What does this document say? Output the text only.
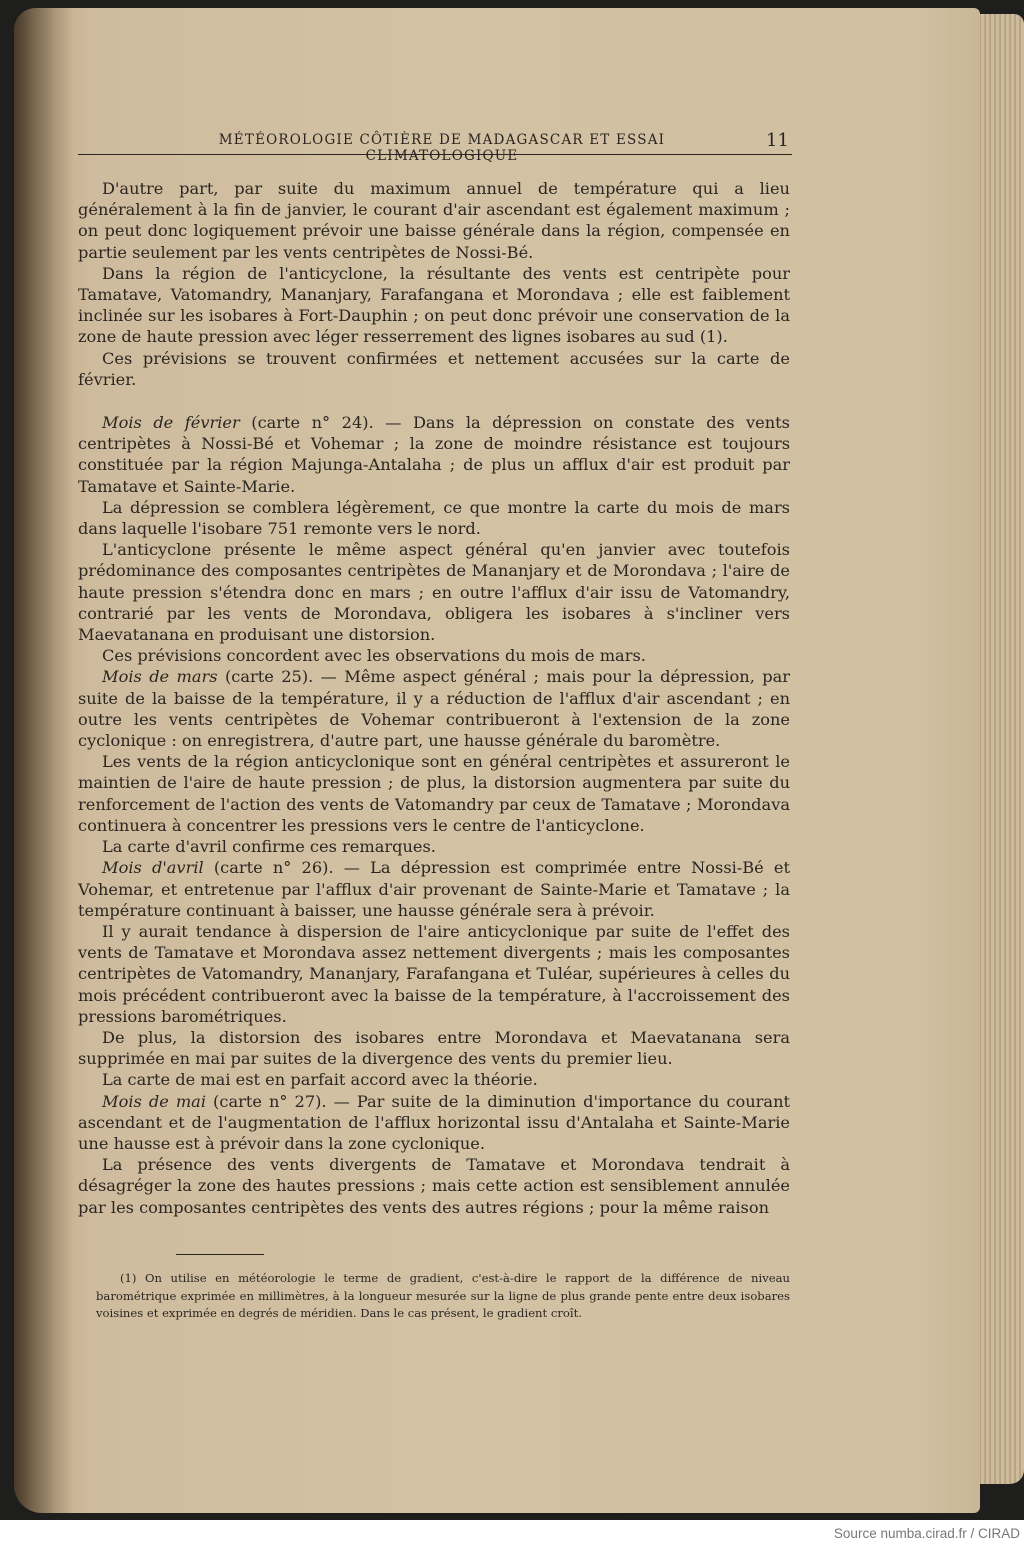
MÉTÉOROLOGIE CÔTIÈRE DE MADAGASCAR ET ESSAI CLIMATOLOGIQUE
11

D'autre part, par suite du maximum annuel de température qui a lieu généralement à la fin de janvier, le courant d'air ascendant est également maximum ; on peut donc logiquement prévoir une baisse générale dans la région, compensée en partie seulement par les vents centripètes de Nossi-Bé.

Dans la région de l'anticyclone, la résultante des vents est centripète pour Tamatave, Vatomandry, Mananjary, Farafangana et Morondava ; elle est faiblement inclinée sur les isobares à Fort-Dauphin ; on peut donc prévoir une conservation de la zone de haute pression avec léger resserrement des lignes isobares au sud (1).

Ces prévisions se trouvent confirmées et nettement accusées sur la carte de février.

Mois de février (carte n° 24). — Dans la dépression on constate des vents centripètes à Nossi-Bé et Vohemar ; la zone de moindre résistance est toujours constituée par la région Majunga-Antalaha ; de plus un afflux d'air est produit par Tamatave et Sainte-Marie.

La dépression se comblera légèrement, ce que montre la carte du mois de mars dans laquelle l'isobare 751 remonte vers le nord.

L'anticyclone présente le même aspect général qu'en janvier avec toutefois prédominance des composantes centripètes de Mananjary et de Morondava ; l'aire de haute pression s'étendra donc en mars ; en outre l'afflux d'air issu de Vatomandry, contrarié par les vents de Morondava, obligera les isobares à s'incliner vers Maevatanana en produisant une distorsion.

Ces prévisions concordent avec les observations du mois de mars.

Mois de mars (carte 25). — Même aspect général ; mais pour la dépression, par suite de la baisse de la température, il y a réduction de l'afflux d'air ascendant ; en outre les vents centripètes de Vohemar contribueront à l'extension de la zone cyclonique : on enregistrera, d'autre part, une hausse générale du baromètre.

Les vents de la région anticyclonique sont en général centripètes et assureront le maintien de l'aire de haute pression ; de plus, la distorsion augmentera par suite du renforcement de l'action des vents de Vatomandry par ceux de Tamatave ; Morondava continuera à concentrer les pressions vers le centre de l'anticyclone.

La carte d'avril confirme ces remarques.

Mois d'avril (carte n° 26). — La dépression est comprimée entre Nossi-Bé et Vohemar, et entretenue par l'afflux d'air provenant de Sainte-Marie et Tamatave ; la température continuant à baisser, une hausse générale sera à prévoir.

Il y aurait tendance à dispersion de l'aire anticyclonique par suite de l'effet des vents de Tamatave et Morondava assez nettement divergents ; mais les composantes centripètes de Vatomandry, Mananjary, Farafangana et Tuléar, supérieures à celles du mois précédent contribueront avec la baisse de la température, à l'accroissement des pressions barométriques.

De plus, la distorsion des isobares entre Morondava et Maevatanana sera supprimée en mai par suites de la divergence des vents du premier lieu.

La carte de mai est en parfait accord avec la théorie.

Mois de mai (carte n° 27). — Par suite de la diminution d'importance du courant ascendant et de l'augmentation de l'afflux horizontal issu d'Antalaha et Sainte-Marie une hausse est à prévoir dans la zone cyclonique.

La présence des vents divergents de Tamatave et Morondava tendrait à désagréger la zone des hautes pressions ; mais cette action est sensiblement annulée par les composantes centripètes des vents des autres régions ; pour la même raison

(1) On utilise en météorologie le terme de gradient, c'est-à-dire le rapport de la différence de niveau barométrique exprimée en millimètres, à la longueur mesurée sur la ligne de plus grande pente entre deux isobares voisines et exprimée en degrés de méridien. Dans le cas présent, le gradient croît.

Source numba.cirad.fr / CIRAD
